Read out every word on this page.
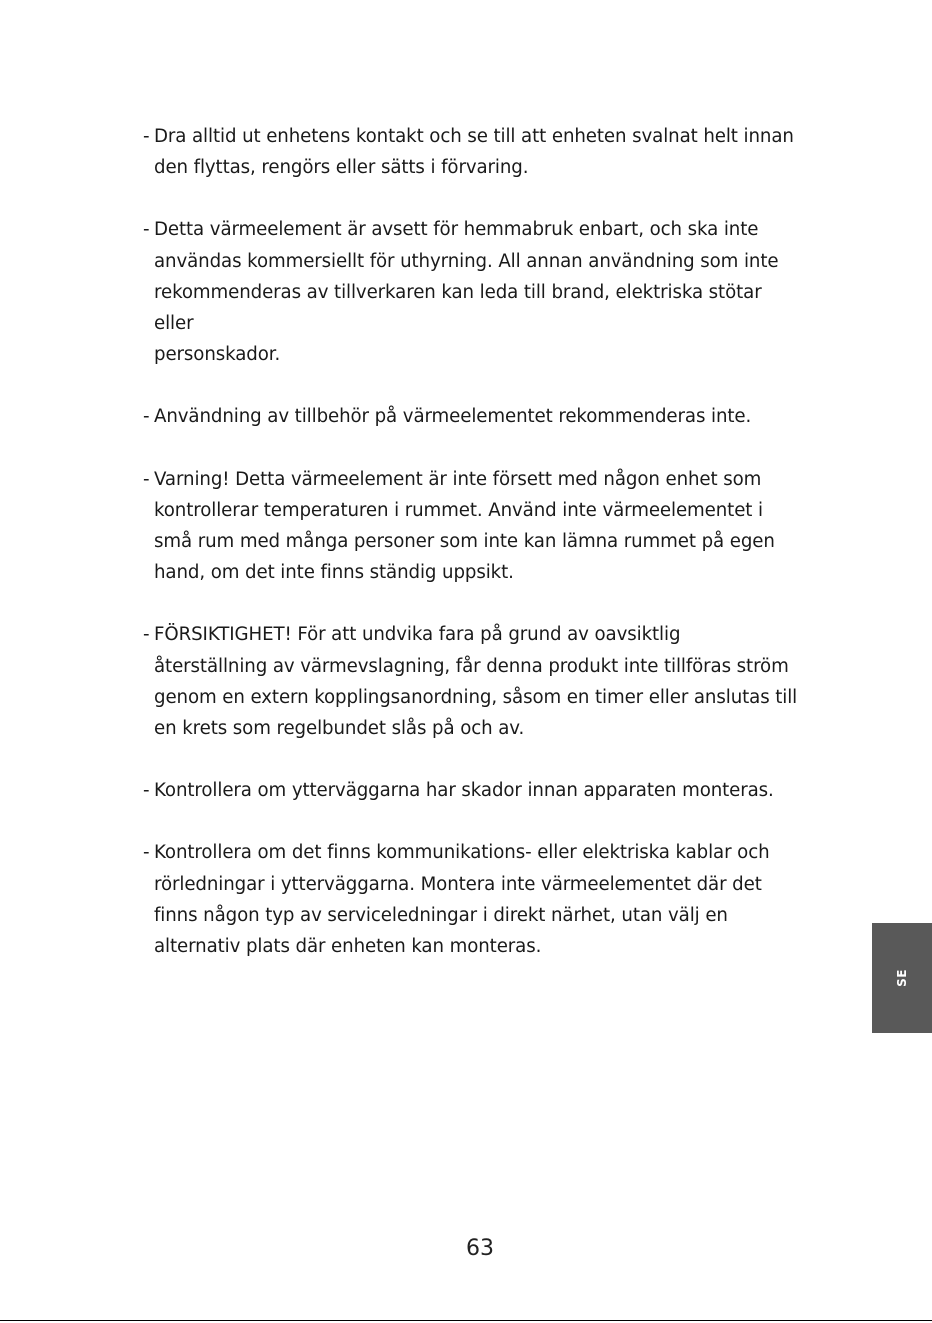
- Dra alltid ut enhetens kontakt och se till att enheten svalnat helt innan
den flyttas, rengörs eller sätts i förvaring.
- Detta värmeelement är avsett för hemmabruk enbart, och ska inte
användas kommersiellt för uthyrning. All annan användning som inte
rekommenderas av tillverkaren kan leda till brand, elektriska stötar eller
personskador.
- Användning av tillbehör på värmeelementet rekommenderas inte.
- Varning! Detta värmeelement är inte försett med någon enhet som
kontrollerar temperaturen i rummet. Använd inte värmeelementet i
små rum med många personer som inte kan lämna rummet på egen
hand, om det inte finns ständig uppsikt.
- FÖRSIKTIGHET! För att undvika fara på grund av oavsiktlig
återställning av värmevslagning, får denna produkt inte tillföras ström
genom en extern kopplingsanordning, såsom en timer eller anslutas till
en krets som regelbundet slås på och av.
- Kontrollera om ytterväggarna har skador innan apparaten monteras.
- Kontrollera om det finns kommunikations- eller elektriska kablar och
rörledningar i ytterväggarna. Montera inte värmeelementet där det
finns någon typ av serviceledningar i direkt närhet, utan välj en
alternativ plats där enheten kan monteras.
SE
63
